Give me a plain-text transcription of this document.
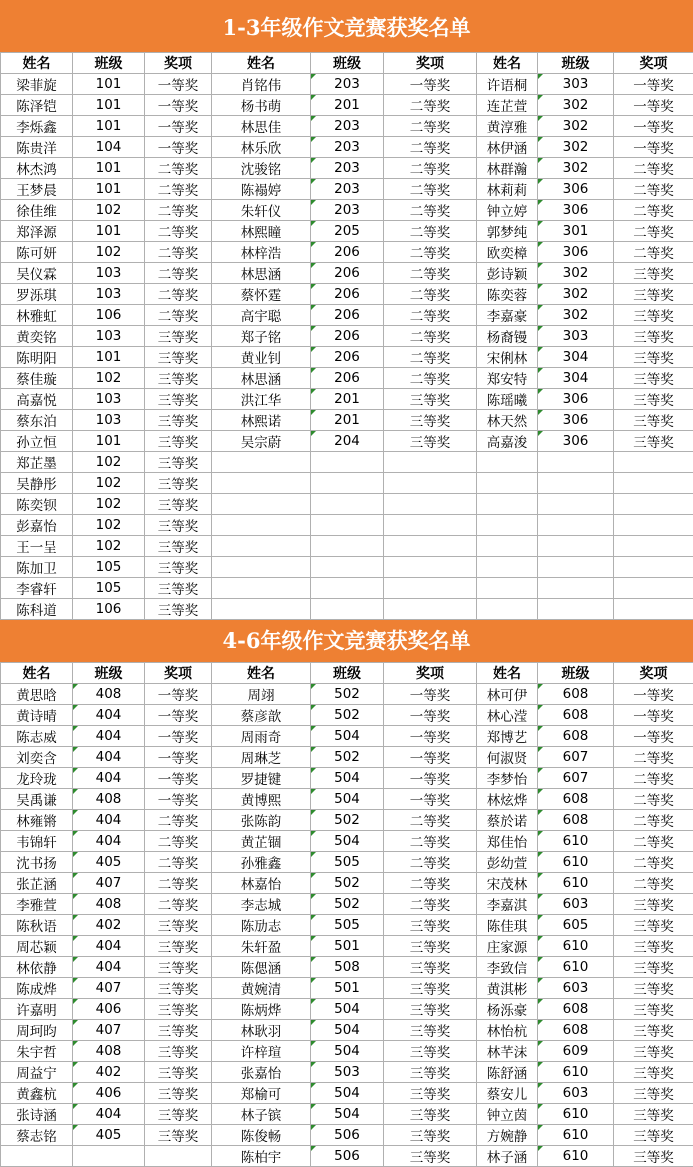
1-3年级作文竞赛获奖名单
姓名	班级	奖项	姓名	班级	奖项	姓名	班级	奖项
梁菲旋	101	一等奖	肖铭伟	203	一等奖	许语桐	303	一等奖
陈泽铠	101	一等奖	杨书萌	201	二等奖	连芷萱	302	一等奖
李烁鑫	101	一等奖	林思佳	203	二等奖	黄淳雅	302	一等奖
陈贵洋	104	一等奖	林乐欣	203	二等奖	林伊涵	302	一等奖
林杰鸿	101	二等奖	沈骏铭	203	二等奖	林群瀚	302	二等奖
王梦晨	101	二等奖	陈褟婷	203	二等奖	林莉莉	306	二等奖
徐佳维	102	二等奖	朱轩仪	203	二等奖	钟立婷	306	二等奖
郑泽源	101	二等奖	林熙瞳	205	二等奖	郭梦纯	301	二等奖
陈可妍	102	二等奖	林梓浩	206	二等奖	欧奕樟	306	二等奖
吴仪霖	103	二等奖	林思涵	206	二等奖	彭诗颖	302	三等奖
罗泺琪	103	二等奖	蔡怀霆	206	二等奖	陈奕蓉	302	三等奖
林雅虹	106	二等奖	高宇聪	206	二等奖	李嘉豪	302	三等奖
黄奕铭	103	三等奖	郑子铭	206	二等奖	杨裔镘	303	三等奖
陈明阳	101	三等奖	黄业钊	206	二等奖	宋俐林	304	三等奖
蔡佳璇	102	三等奖	林思涵	206	二等奖	郑安特	304	三等奖
高嘉悦	103	三等奖	洪江华	201	三等奖	陈瑶曦	306	三等奖
蔡东泊	103	三等奖	林熙诺	201	三等奖	林天然	306	三等奖
孙立恒	101	三等奖	吴宗蔚	204	三等奖	高嘉浚	306	三等奖
郑芷墨	102	三等奖						
吴静彤	102	三等奖						
陈奕钡	102	三等奖						
彭嘉怡	102	三等奖						
王一呈	102	三等奖						
陈加卫	105	三等奖						
李睿轩	105	三等奖						
陈科道	106	三等奖						
4-6年级作文竞赛获奖名单
姓名	班级	奖项	姓名	班级	奖项	姓名	班级	奖项
黄思晗	408	一等奖	周翊	502	一等奖	林可伊	608	一等奖
黄诗晴	404	一等奖	蔡彦歆	502	一等奖	林心滢	608	一等奖
陈志威	404	一等奖	周雨奇	504	一等奖	郑博艺	608	一等奖
刘奕含	404	一等奖	周琳芝	502	一等奖	何淑贤	607	二等奖
龙玲珑	404	一等奖	罗捷键	504	一等奖	李梦怡	607	二等奖
吴禹谦	408	一等奖	黄博熙	504	一等奖	林炫烨	608	二等奖
林雍锵	404	二等奖	张陈韵	502	二等奖	蔡於诺	608	二等奖
韦锦轩	404	二等奖	黄芷锢	504	二等奖	郑佳怡	610	二等奖
沈书扬	405	二等奖	孙雅鑫	505	二等奖	彭幼萱	610	二等奖
张芷涵	407	二等奖	林嘉怡	502	二等奖	宋茂林	610	二等奖
李雅萱	408	二等奖	李志城	502	二等奖	李嘉淇	603	三等奖
陈秋语	402	三等奖	陈劢志	505	三等奖	陈佳琪	605	三等奖
周芯颖	404	三等奖	朱轩盈	501	三等奖	庄家源	610	三等奖
林依静	404	三等奖	陈偲涵	508	三等奖	李致信	610	三等奖
陈成烨	407	三等奖	黄婉清	501	三等奖	黄淇彬	603	三等奖
许嘉明	406	三等奖	陈炳烨	504	三等奖	杨泺豪	608	三等奖
周珂昀	407	三等奖	林耿羽	504	三等奖	林怡杭	608	三等奖
朱宇哲	408	三等奖	许梓瑄	504	三等奖	林芊沫	609	三等奖
周益宁	402	三等奖	张嘉怡	503	三等奖	陈舒涵	610	三等奖
黄鑫杭	406	三等奖	郑榆可	504	三等奖	蔡安儿	603	三等奖
张诗涵	404	三等奖	林子镔	504	三等奖	钟立茵	610	三等奖
蔡志铭	405	三等奖	陈俊畅	506	三等奖	方婉静	610	三等奖
			陈柏宇	506	三等奖	林子涵	610	三等奖
